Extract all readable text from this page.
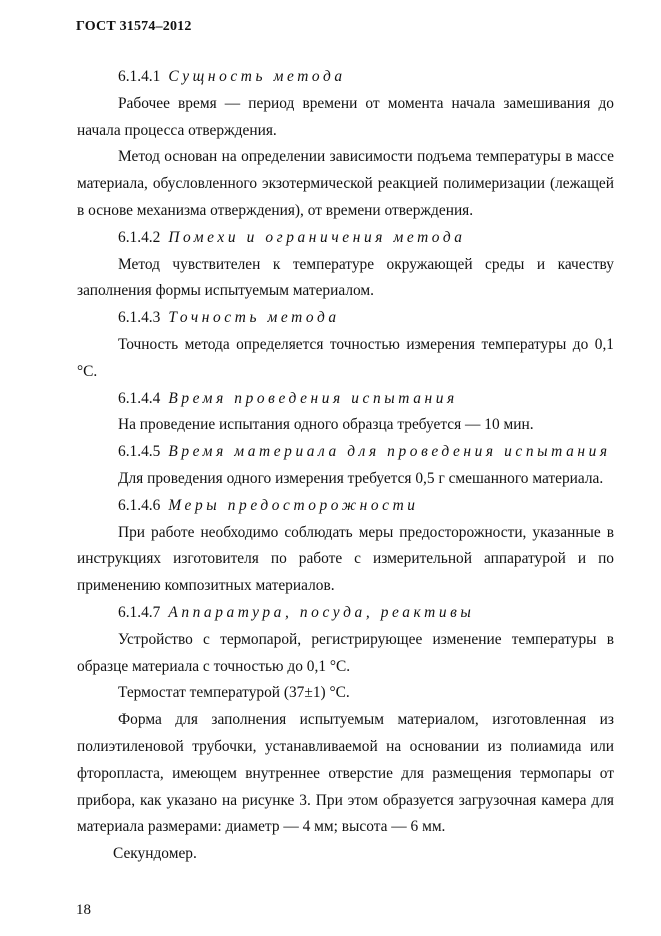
ГОСТ 31574–2012

6.1.4.1 Сущность метода

Рабочее время — период времени от момента начала замешивания до начала процесса отверждения.

Метод основан на определении зависимости подъема температуры в массе материала, обусловленного экзотермической реакцией полимеризации (лежащей в основе механизма отверждения), от времени отверждения.

6.1.4.2 Помехи и ограничения метода

Метод чувствителен к температуре окружающей среды и качеству заполнения формы испытуемым материалом.

6.1.4.3 Точность метода

Точность метода определяется точностью измерения температуры до 0,1 °С.

6.1.4.4 Время проведения испытания

На проведение испытания одного образца требуется — 10 мин.

6.1.4.5 Время материала для проведения испытания

Для проведения одного измерения требуется 0,5 г смешанного материала.

6.1.4.6 Меры предосторожности

При работе необходимо соблюдать меры предосторожности, указанные в инструкциях изготовителя по работе с измерительной аппаратурой и по применению композитных материалов.

6.1.4.7 Аппаратура, посуда, реактивы

Устройство с термопарой, регистрирующее изменение температуры в образце материала с точностью до 0,1 °С.

Термостат температурой (37±1) °С.

Форма для заполнения испытуемым материалом, изготовленная из полиэтиленовой трубочки, устанавливаемой на основании из полиамида или фторопласта, имеющем внутреннее отверстие для размещения термопары от прибора, как указано на рисунке 3. При этом образуется загрузочная камера для материала размерами: диаметр — 4 мм; высота — 6 мм.

Секундомер.

18
